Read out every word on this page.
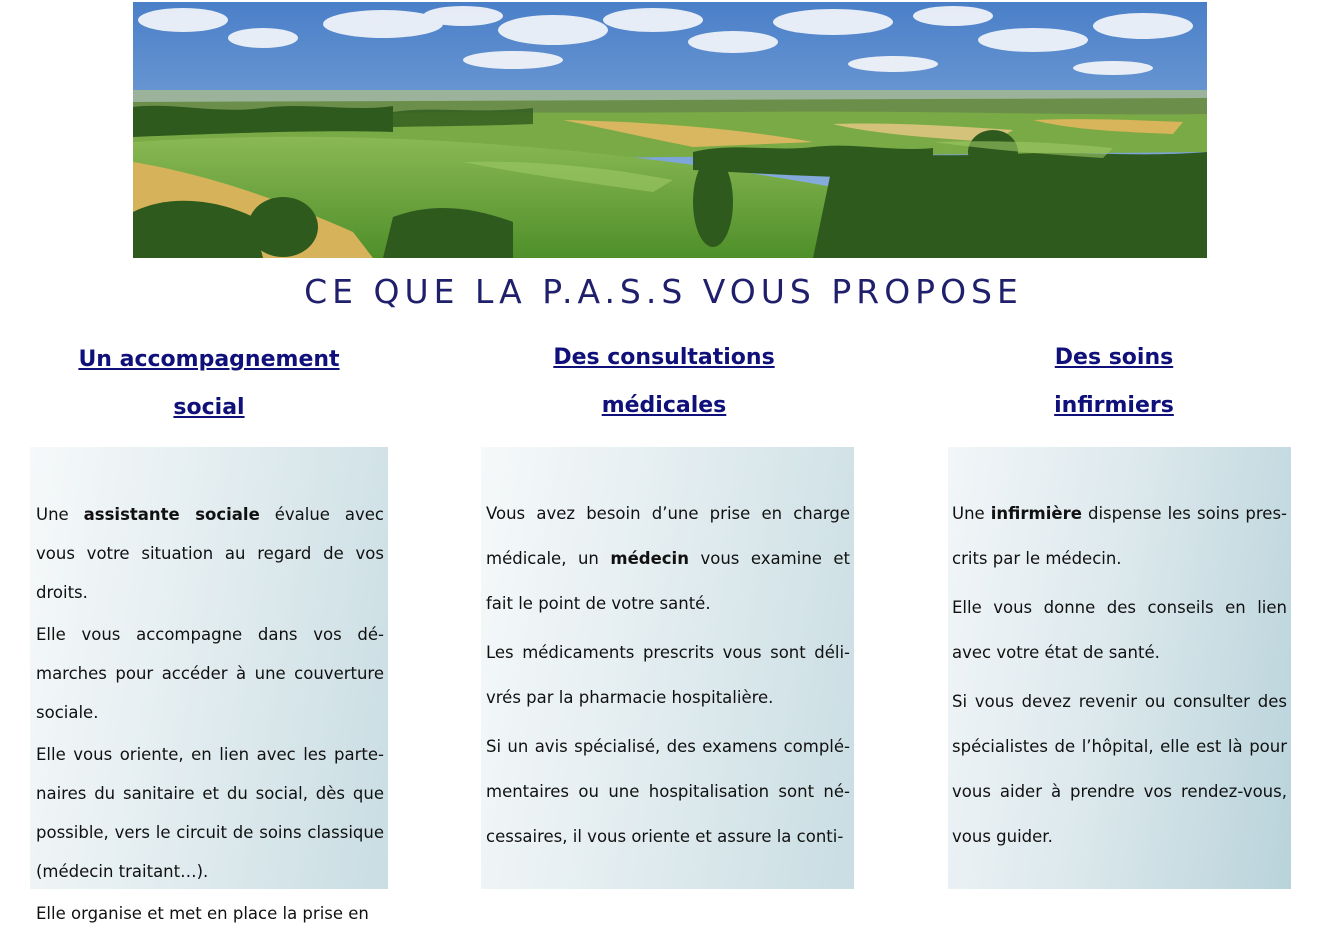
CE QUE LA P.A.S.S VOUS PROPOSE
Un accompagnement
social
Des consultations
médicales
Des soins
infirmiers

Une assistante sociale évalue avec vous votre situation au regard de vos droits.

Elle vous accompagne dans vos dé-marches pour accéder à une couverture sociale.

Elle vous oriente, en lien avec les parte-naires du sanitaire et du social, dès que possible, vers le circuit de soins classique (médecin traitant…).

Elle organise et met en place la prise en

Vous avez besoin d’une prise en charge médicale, un médecin vous examine et fait le point de votre santé.

Les médicaments prescrits vous sont déli-vrés par la pharmacie hospitalière.

Si un avis spécialisé, des examens complé-mentaires ou une hospitalisation sont né-cessaires, il vous oriente et assure la conti-

Une infirmière dispense les soins pres-crits par le médecin.

Elle vous donne des conseils en lien avec votre état de santé.

Si vous devez revenir ou consulter des spécialistes de l’hôpital, elle est là pour vous aider à prendre vos rendez-vous, vous guider.
